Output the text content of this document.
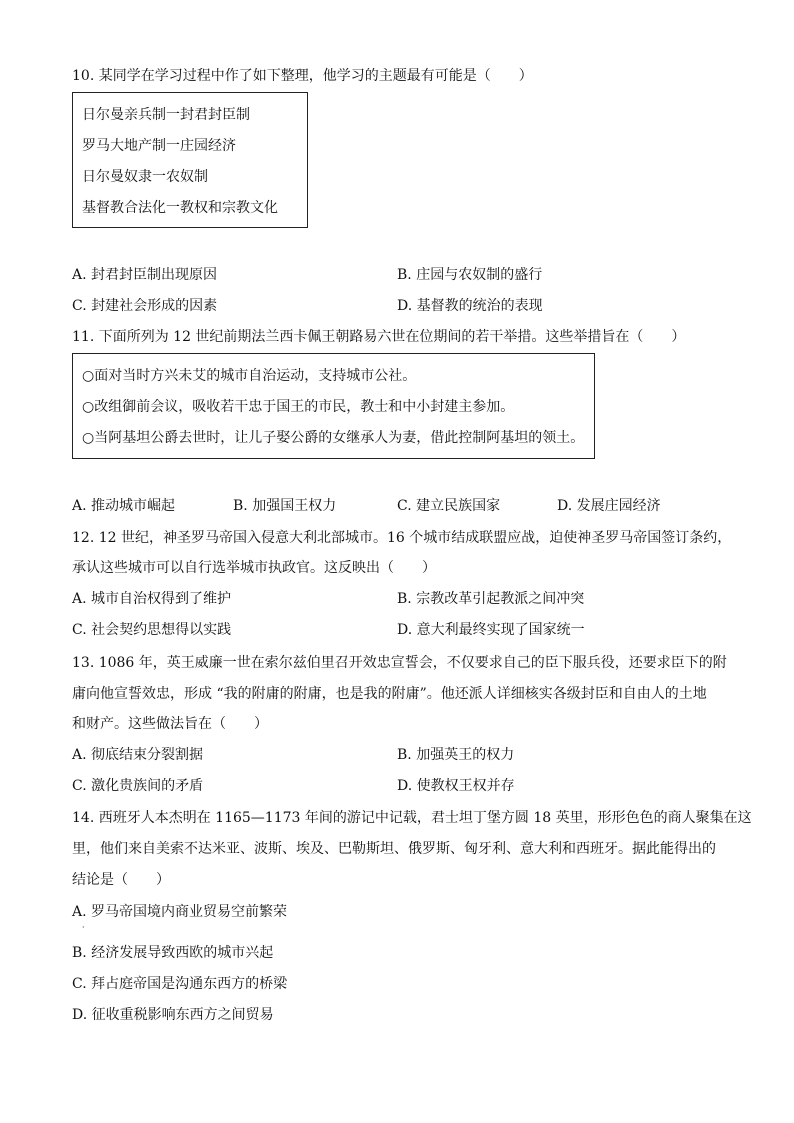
10. 某同学在学习过程中作了如下整理，他学习的主题最有可能是（　　）
日尔曼亲兵制一封君封臣制
罗马大地产制一庄园经济
日尔曼奴隶一农奴制
基督教合法化一教权和宗教文化
A. 封君封臣制出现原因	B. 庄园与农奴制的盛行
C. 封建社会形成的因素	D. 基督教的统治的表现
11. 下面所列为 12 世纪前期法兰西卡佩王朝路易六世在位期间的若干举措。这些举措旨在（　　）
○面对当时方兴未艾的城市自治运动，支持城市公社。
○改组御前会议，吸收若干忠于国王的市民，教士和中小封建主参加。
○当阿基坦公爵去世时，让儿子娶公爵的女继承人为妻，借此控制阿基坦的领土。
A. 推动城市崛起	B. 加强国王权力	C. 建立民族国家	D. 发展庄园经济
12. 12 世纪，神圣罗马帝国入侵意大利北部城市。16 个城市结成联盟应战，迫使神圣罗马帝国签订条约，
承认这些城市可以自行选举城市执政官。这反映出（　　）
A. 城市自治权得到了维护	B. 宗教改革引起教派之间冲突
C. 社会契约思想得以实践	D. 意大利最终实现了国家统一
13. 1086 年，英王威廉一世在索尔兹伯里召开效忠宣誓会，不仅要求自己的臣下服兵役，还要求臣下的附
庸向他宣誓效忠，形成 “我的附庸的附庸，也是我的附庸”。他还派人详细核实各级封臣和自由人的土地
和财产。这些做法旨在（　　）
A. 彻底结束分裂割据	B. 加强英王的权力
C. 激化贵族间的矛盾	D. 使教权王权并存
14. 西班牙人本杰明在 1165—1173 年间的游记中记载，君士坦丁堡方圆 18 英里，形形色色的商人聚集在这
里，他们来自美索不达米亚、波斯、埃及、巴勒斯坦、俄罗斯、匈牙利、意大利和西班牙。据此能得出的
结论是（　　）
A. 罗马帝国境内商业贸易空前繁荣
·
B. 经济发展导致西欧的城市兴起
C. 拜占庭帝国是沟通东西方的桥梁
D. 征收重税影响东西方之间贸易
